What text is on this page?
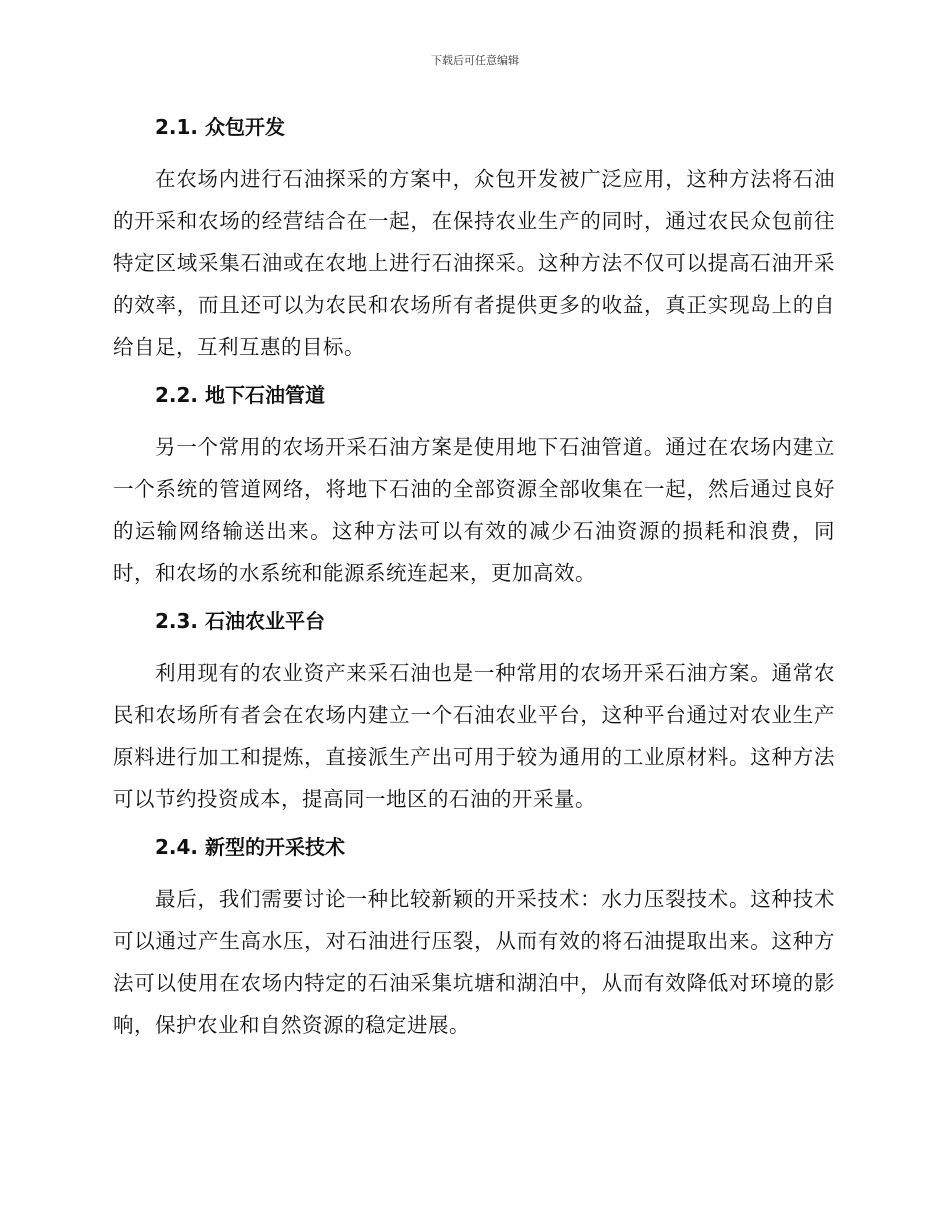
下载后可任意编辑
2.1. 众包开发

在农场内进行石油探采的方案中，众包开发被广泛应用，这种方法将石油的开采和农场的经营结合在一起，在保持农业生产的同时，通过农民众包前往特定区域采集石油或在农地上进行石油探采。这种方法不仅可以提高石油开采的效率，而且还可以为农民和农场所有者提供更多的收益，真正实现岛上的自给自足，互利互惠的目标。

2.2. 地下石油管道

另一个常用的农场开采石油方案是使用地下石油管道。通过在农场内建立一个系统的管道网络，将地下石油的全部资源全部收集在一起，然后通过良好的运输网络输送出来。这种方法可以有效的减少石油资源的损耗和浪费，同时，和农场的水系统和能源系统连起来，更加高效。

2.3. 石油农业平台

利用现有的农业资产来采石油也是一种常用的农场开采石油方案。通常农民和农场所有者会在农场内建立一个石油农业平台，这种平台通过对农业生产原料进行加工和提炼，直接派生产出可用于较为通用的工业原材料。这种方法可以节约投资成本，提高同一地区的石油的开采量。

2.4. 新型的开采技术

最后，我们需要讨论一种比较新颖的开采技术：水力压裂技术。这种技术可以通过产生高水压，对石油进行压裂，从而有效的将石油提取出来。这种方法可以使用在农场内特定的石油采集坑塘和湖泊中，从而有效降低对环境的影响，保护农业和自然资源的稳定进展。
